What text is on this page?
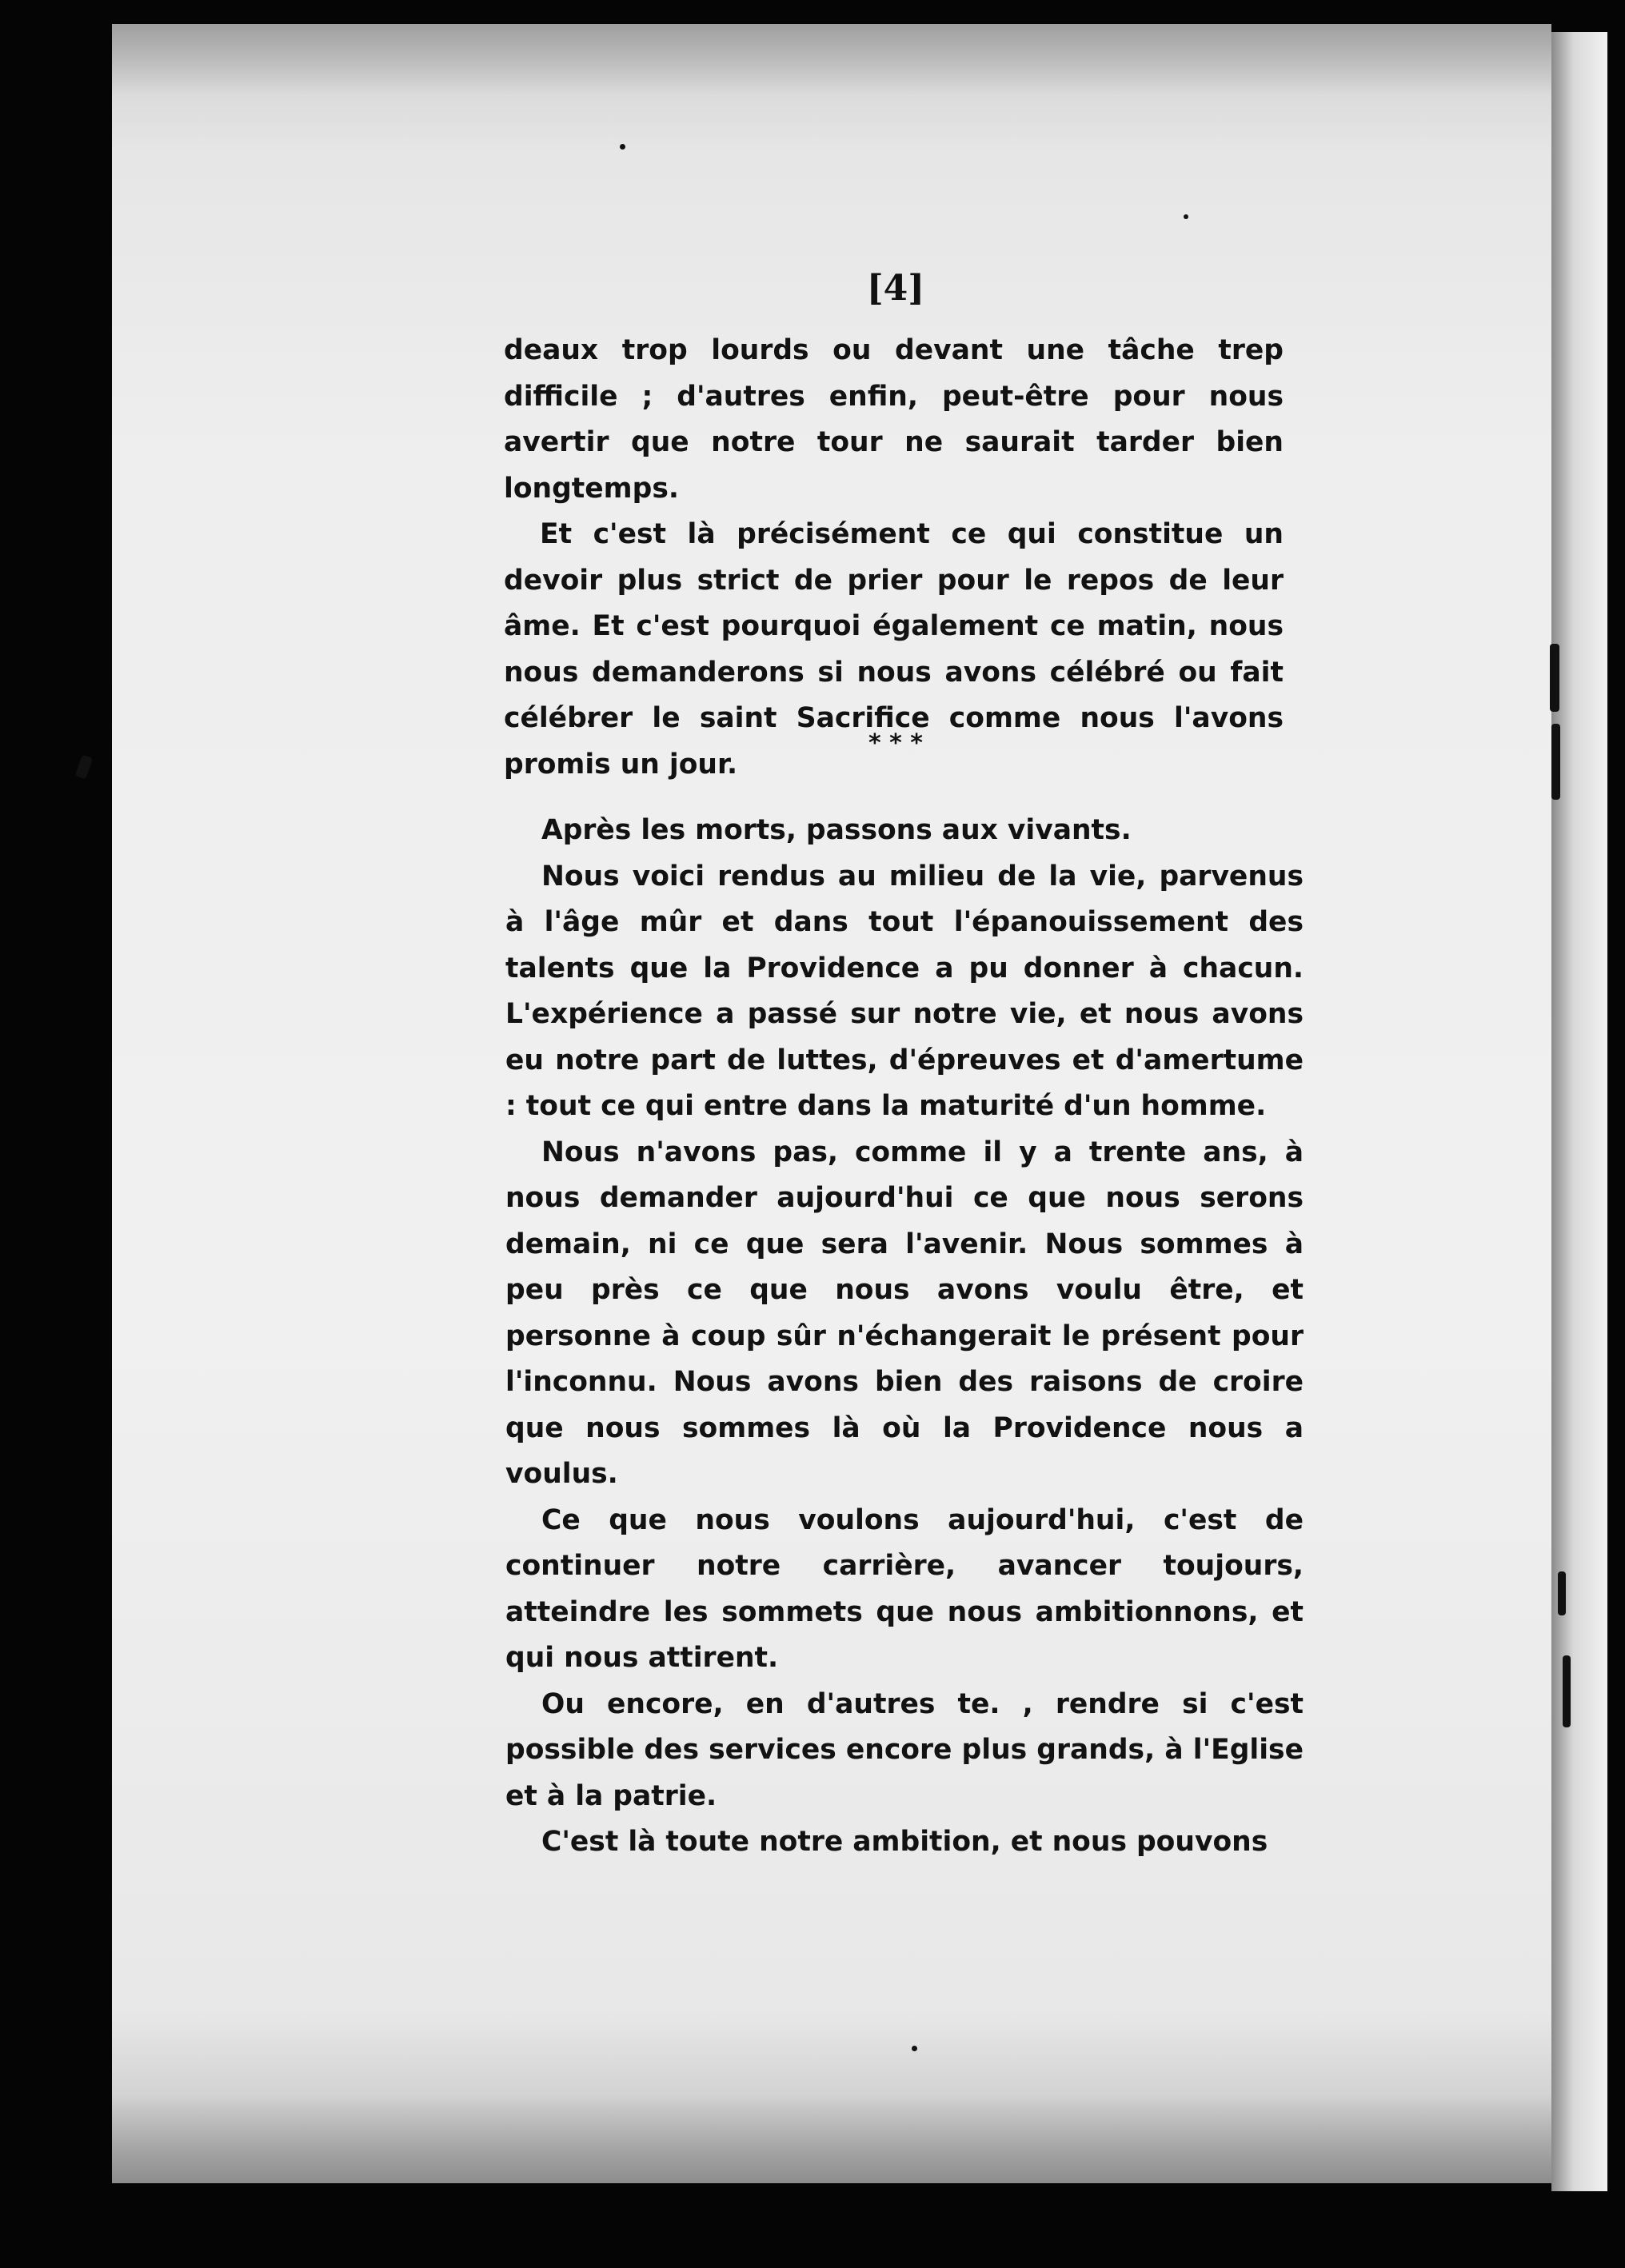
[4]

deaux trop lourds ou devant une tâche trep difficile ; d'autres enfin, peut-être pour nous avertir que notre tour ne saurait tarder bien longtemps.

Et c'est là précisément ce qui constitue un devoir plus strict de prier pour le repos de leur âme. Et c'est pourquoi également ce matin, nous nous demanderons si nous avons célébré ou fait célébrer le saint Sacrifice comme nous l'avons promis un jour.

* * *

Après les morts, passons aux vivants.

Nous voici rendus au milieu de la vie, parvenus à l'âge mûr et dans tout l'épanouissement des talents que la Providence a pu donner à chacun. L'expérience a passé sur notre vie, et nous avons eu notre part de luttes, d'épreuves et d'amertume : tout ce qui entre dans la maturité d'un homme.

Nous n'avons pas, comme il y a trente ans, à nous demander aujourd'hui ce que nous serons demain, ni ce que sera l'avenir. Nous sommes à peu près ce que nous avons voulu être, et personne à coup sûr n'échangerait le présent pour l'inconnu. Nous avons bien des raisons de croire que nous sommes là où la Providence nous a voulus.

Ce que nous voulons aujourd'hui, c'est de continuer notre carrière, avancer toujours, atteindre les sommets que nous ambitionnons, et qui nous attirent.

Ou encore, en d'autres te. , rendre si c'est possible des services encore plus grands, à l'Eglise et à la patrie.

C'est là toute notre ambition, et nous pouvons
